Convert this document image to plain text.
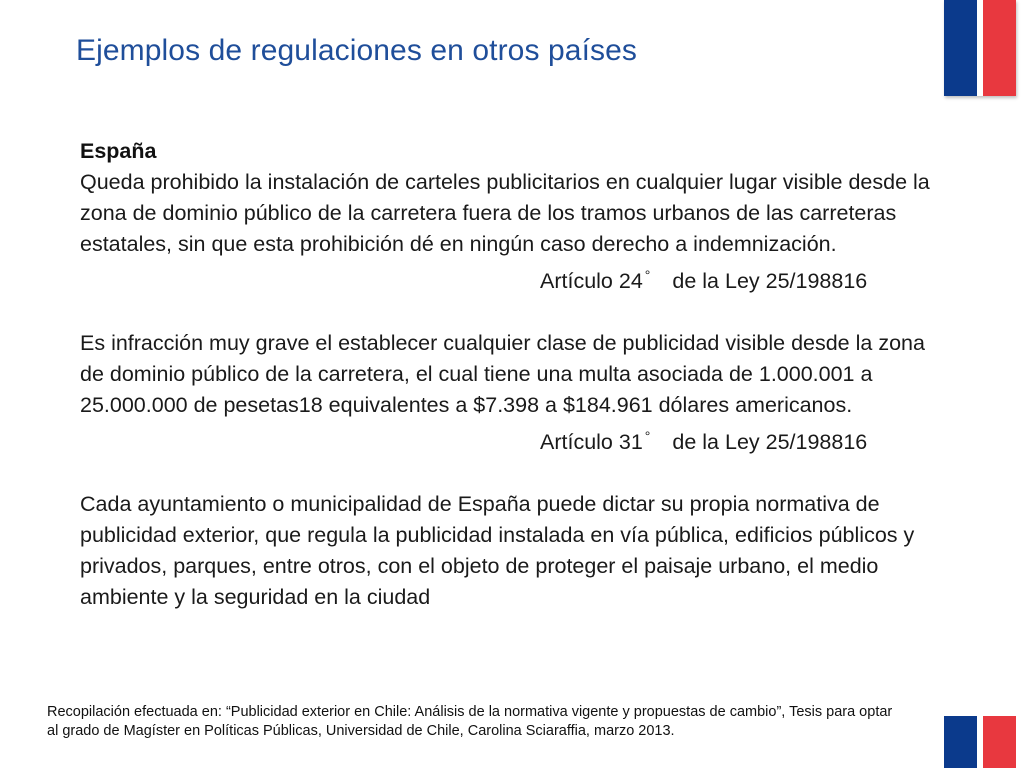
Ejemplos de regulaciones en otros países

España

Queda prohibido la instalación de carteles publicitarios en cualquier lugar visible desde la zona de dominio público de la carretera fuera de los tramos urbanos de las carreteras estatales, sin que esta prohibición dé en ningún caso derecho a indemnización.

Artículo 24 ° de la Ley 25/198816

Es infracción muy grave el establecer cualquier clase de publicidad visible desde la zona de dominio público de la carretera, el cual tiene una multa asociada de 1.000.001 a 25.000.000 de pesetas18 equivalentes a $7.398 a $184.961 dólares americanos.

Artículo 31 ° de la Ley 25/198816

Cada ayuntamiento o municipalidad de España puede dictar su propia normativa de publicidad exterior, que regula la publicidad instalada en vía pública, edificios públicos y privados, parques, entre otros, con el objeto de proteger el paisaje urbano, el medio ambiente y la seguridad en la ciudad

Recopilación efectuada en: “Publicidad exterior en Chile: Análisis de la normativa vigente y propuestas de cambio”, Tesis para optar al grado de Magíster en Políticas Públicas, Universidad de Chile, Carolina Sciaraffia, marzo 2013.
